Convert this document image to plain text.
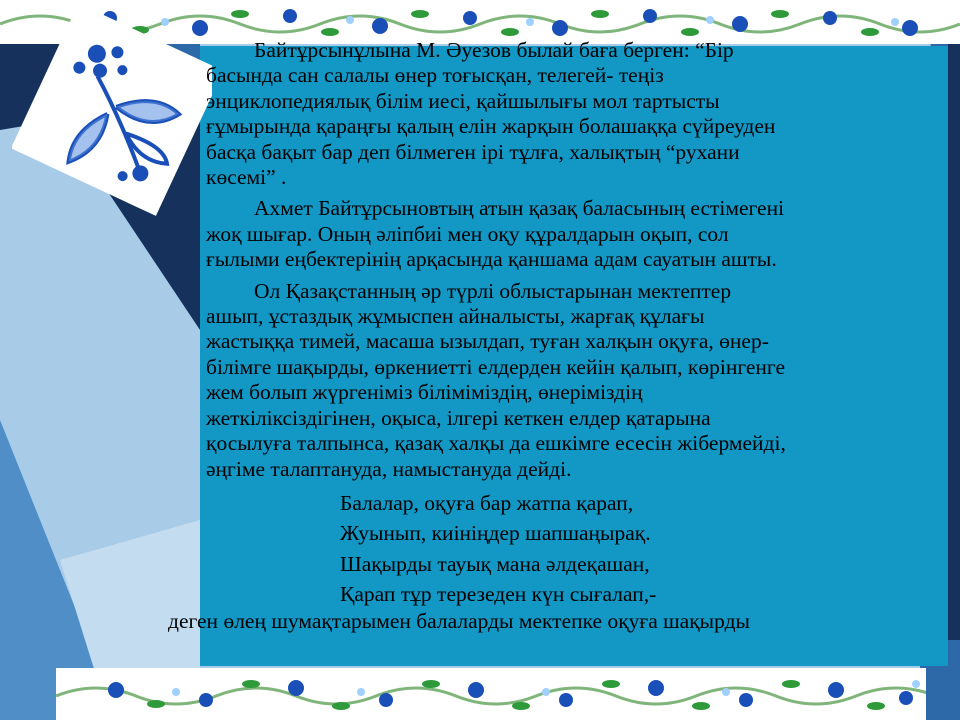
Байтұрсынұлына М. Әуезов былай баға берген: “Бір
басында сан салалы өнер тоғысқан, телегей- теңіз
энциклопедиялық білім иесі, қайшылығы мол тартысты
ғұмырында қараңғы қалың елін жарқын болашаққа сүйреуден
басқа бақыт бар деп білмеген ірі тұлға, халықтың “рухани
көсемі” .
Ахмет Байтұрсыновтың атын қазақ баласының естімегені
жоқ шығар. Оның әліпбиі мен оқу құралдарын оқып, сол
ғылыми еңбектерінің арқасында қаншама адам сауатын ашты.
Ол Қазақстанның әр түрлі облыстарынан мектептер
ашып, ұстаздық жұмыспен айналысты, жарғақ құлағы
жастыққа тимей, масаша ызылдап, туған халқын оқуға, өнер-
білімге шақырды, өркениетті елдерден кейін қалып, көрінгенге
жем болып жүргеніміз біліміміздің, өнеріміздің
жеткіліксіздігінен, оқыса, ілгері кеткен елдер қатарына
қосылуға талпынса, қазақ халқы да ешкімге есесін жібермейді,
әңгіме талаптануда, намыстануда дейді.
Балалар, оқуға бар жатпа қарап,
Жуынып, киініңдер шапшаңырақ.
Шақырды тауық мана әлдеқашан,
Қарап тұр терезеден күн сығалап,-
деген өлең шумақтарымен балаларды мектепке оқуға шақырды
